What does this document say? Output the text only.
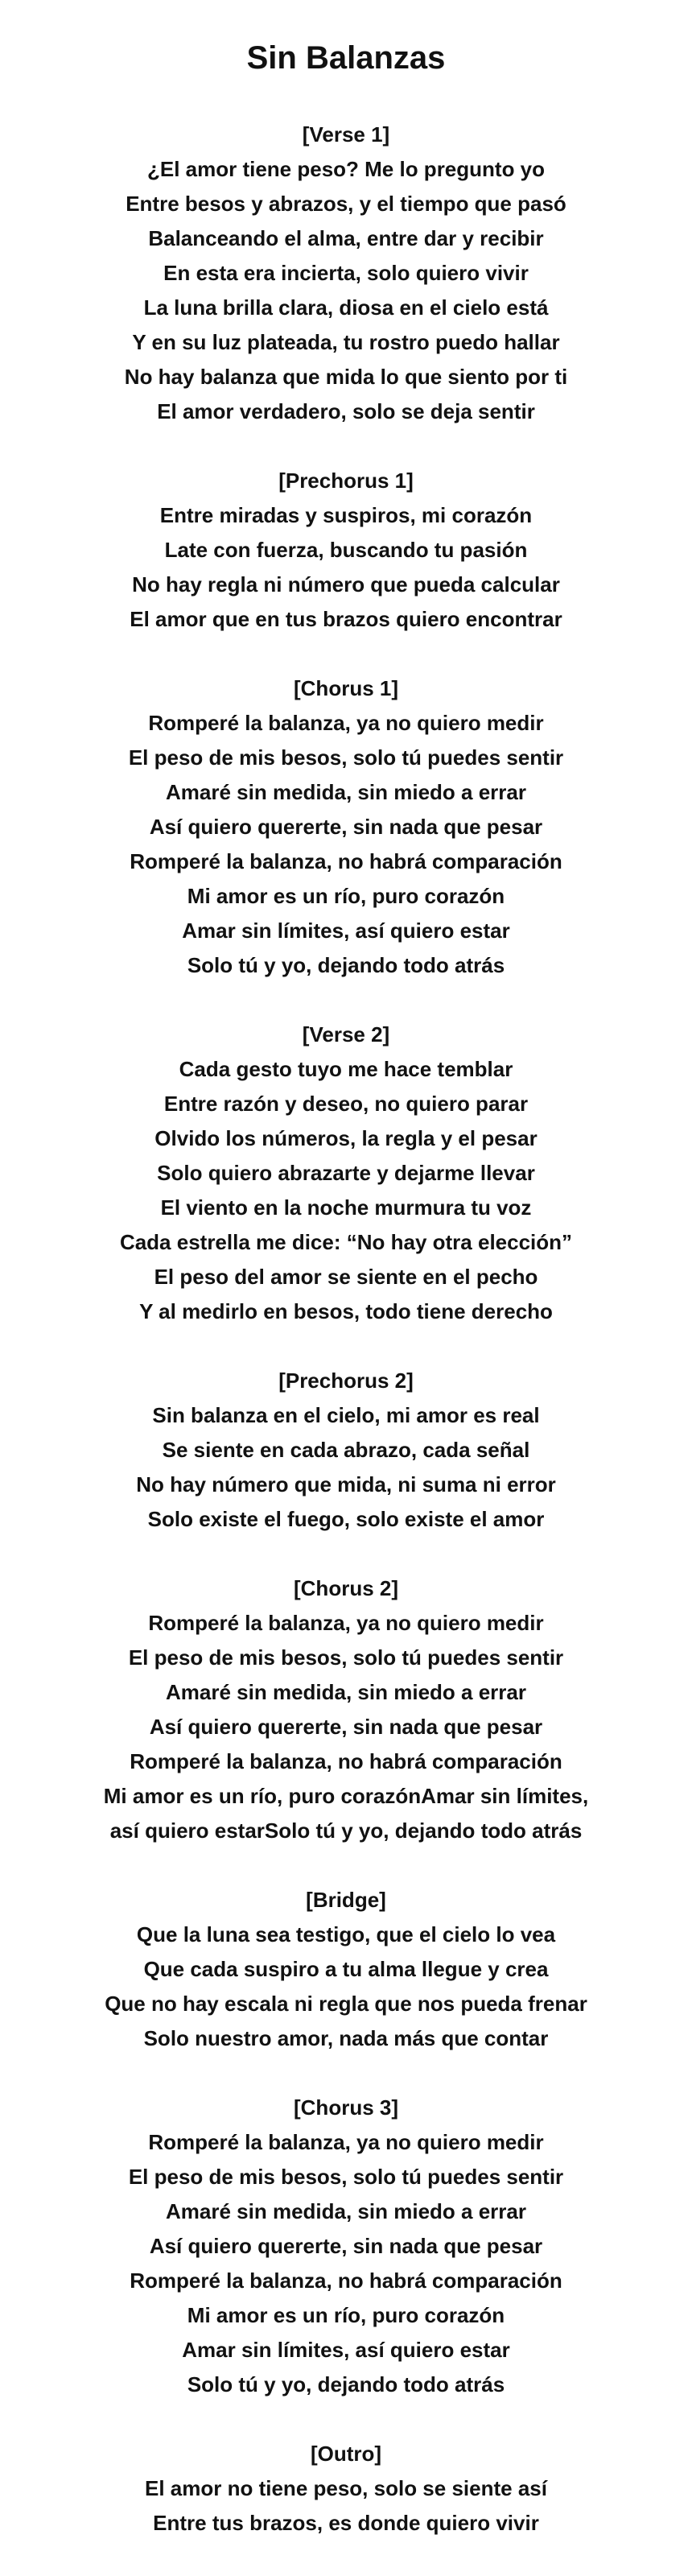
Sin Balanzas
[Verse 1]
¿El amor tiene peso? Me lo pregunto yo
Entre besos y abrazos, y el tiempo que pasó
Balanceando el alma, entre dar y recibir
En esta era incierta, solo quiero vivir
La luna brilla clara, diosa en el cielo está
Y en su luz plateada, tu rostro puedo hallar
No hay balanza que mida lo que siento por ti
El amor verdadero, solo se deja sentir
[Prechorus 1]
Entre miradas y suspiros, mi corazón
Late con fuerza, buscando tu pasión
No hay regla ni número que pueda calcular
El amor que en tus brazos quiero encontrar
[Chorus 1]
Romperé la balanza, ya no quiero medir
El peso de mis besos, solo tú puedes sentir
Amaré sin medida, sin miedo a errar
Así quiero quererte, sin nada que pesar
Romperé la balanza, no habrá comparación
Mi amor es un río, puro corazón
Amar sin límites, así quiero estar
Solo tú y yo, dejando todo atrás
[Verse 2]
Cada gesto tuyo me hace temblar
Entre razón y deseo, no quiero parar
Olvido los números, la regla y el pesar
Solo quiero abrazarte y dejarme llevar
El viento en la noche murmura tu voz
Cada estrella me dice: “No hay otra elección”
El peso del amor se siente en el pecho
Y al medirlo en besos, todo tiene derecho
[Prechorus 2]
Sin balanza en el cielo, mi amor es real
Se siente en cada abrazo, cada señal
No hay número que mida, ni suma ni error
Solo existe el fuego, solo existe el amor
[Chorus 2]
Romperé la balanza, ya no quiero medir
El peso de mis besos, solo tú puedes sentir
Amaré sin medida, sin miedo a errar
Así quiero quererte, sin nada que pesar
Romperé la balanza, no habrá comparación
Mi amor es un río, puro corazónAmar sin límites,
así quiero estarSolo tú y yo, dejando todo atrás
[Bridge]
Que la luna sea testigo, que el cielo lo vea
Que cada suspiro a tu alma llegue y crea
Que no hay escala ni regla que nos pueda frenar
Solo nuestro amor, nada más que contar
[Chorus 3]
Romperé la balanza, ya no quiero medir
El peso de mis besos, solo tú puedes sentir
Amaré sin medida, sin miedo a errar
Así quiero quererte, sin nada que pesar
Romperé la balanza, no habrá comparación
Mi amor es un río, puro corazón
Amar sin límites, así quiero estar
Solo tú y yo, dejando todo atrás
[Outro]
El amor no tiene peso, solo se siente así
Entre tus brazos, es donde quiero vivir
